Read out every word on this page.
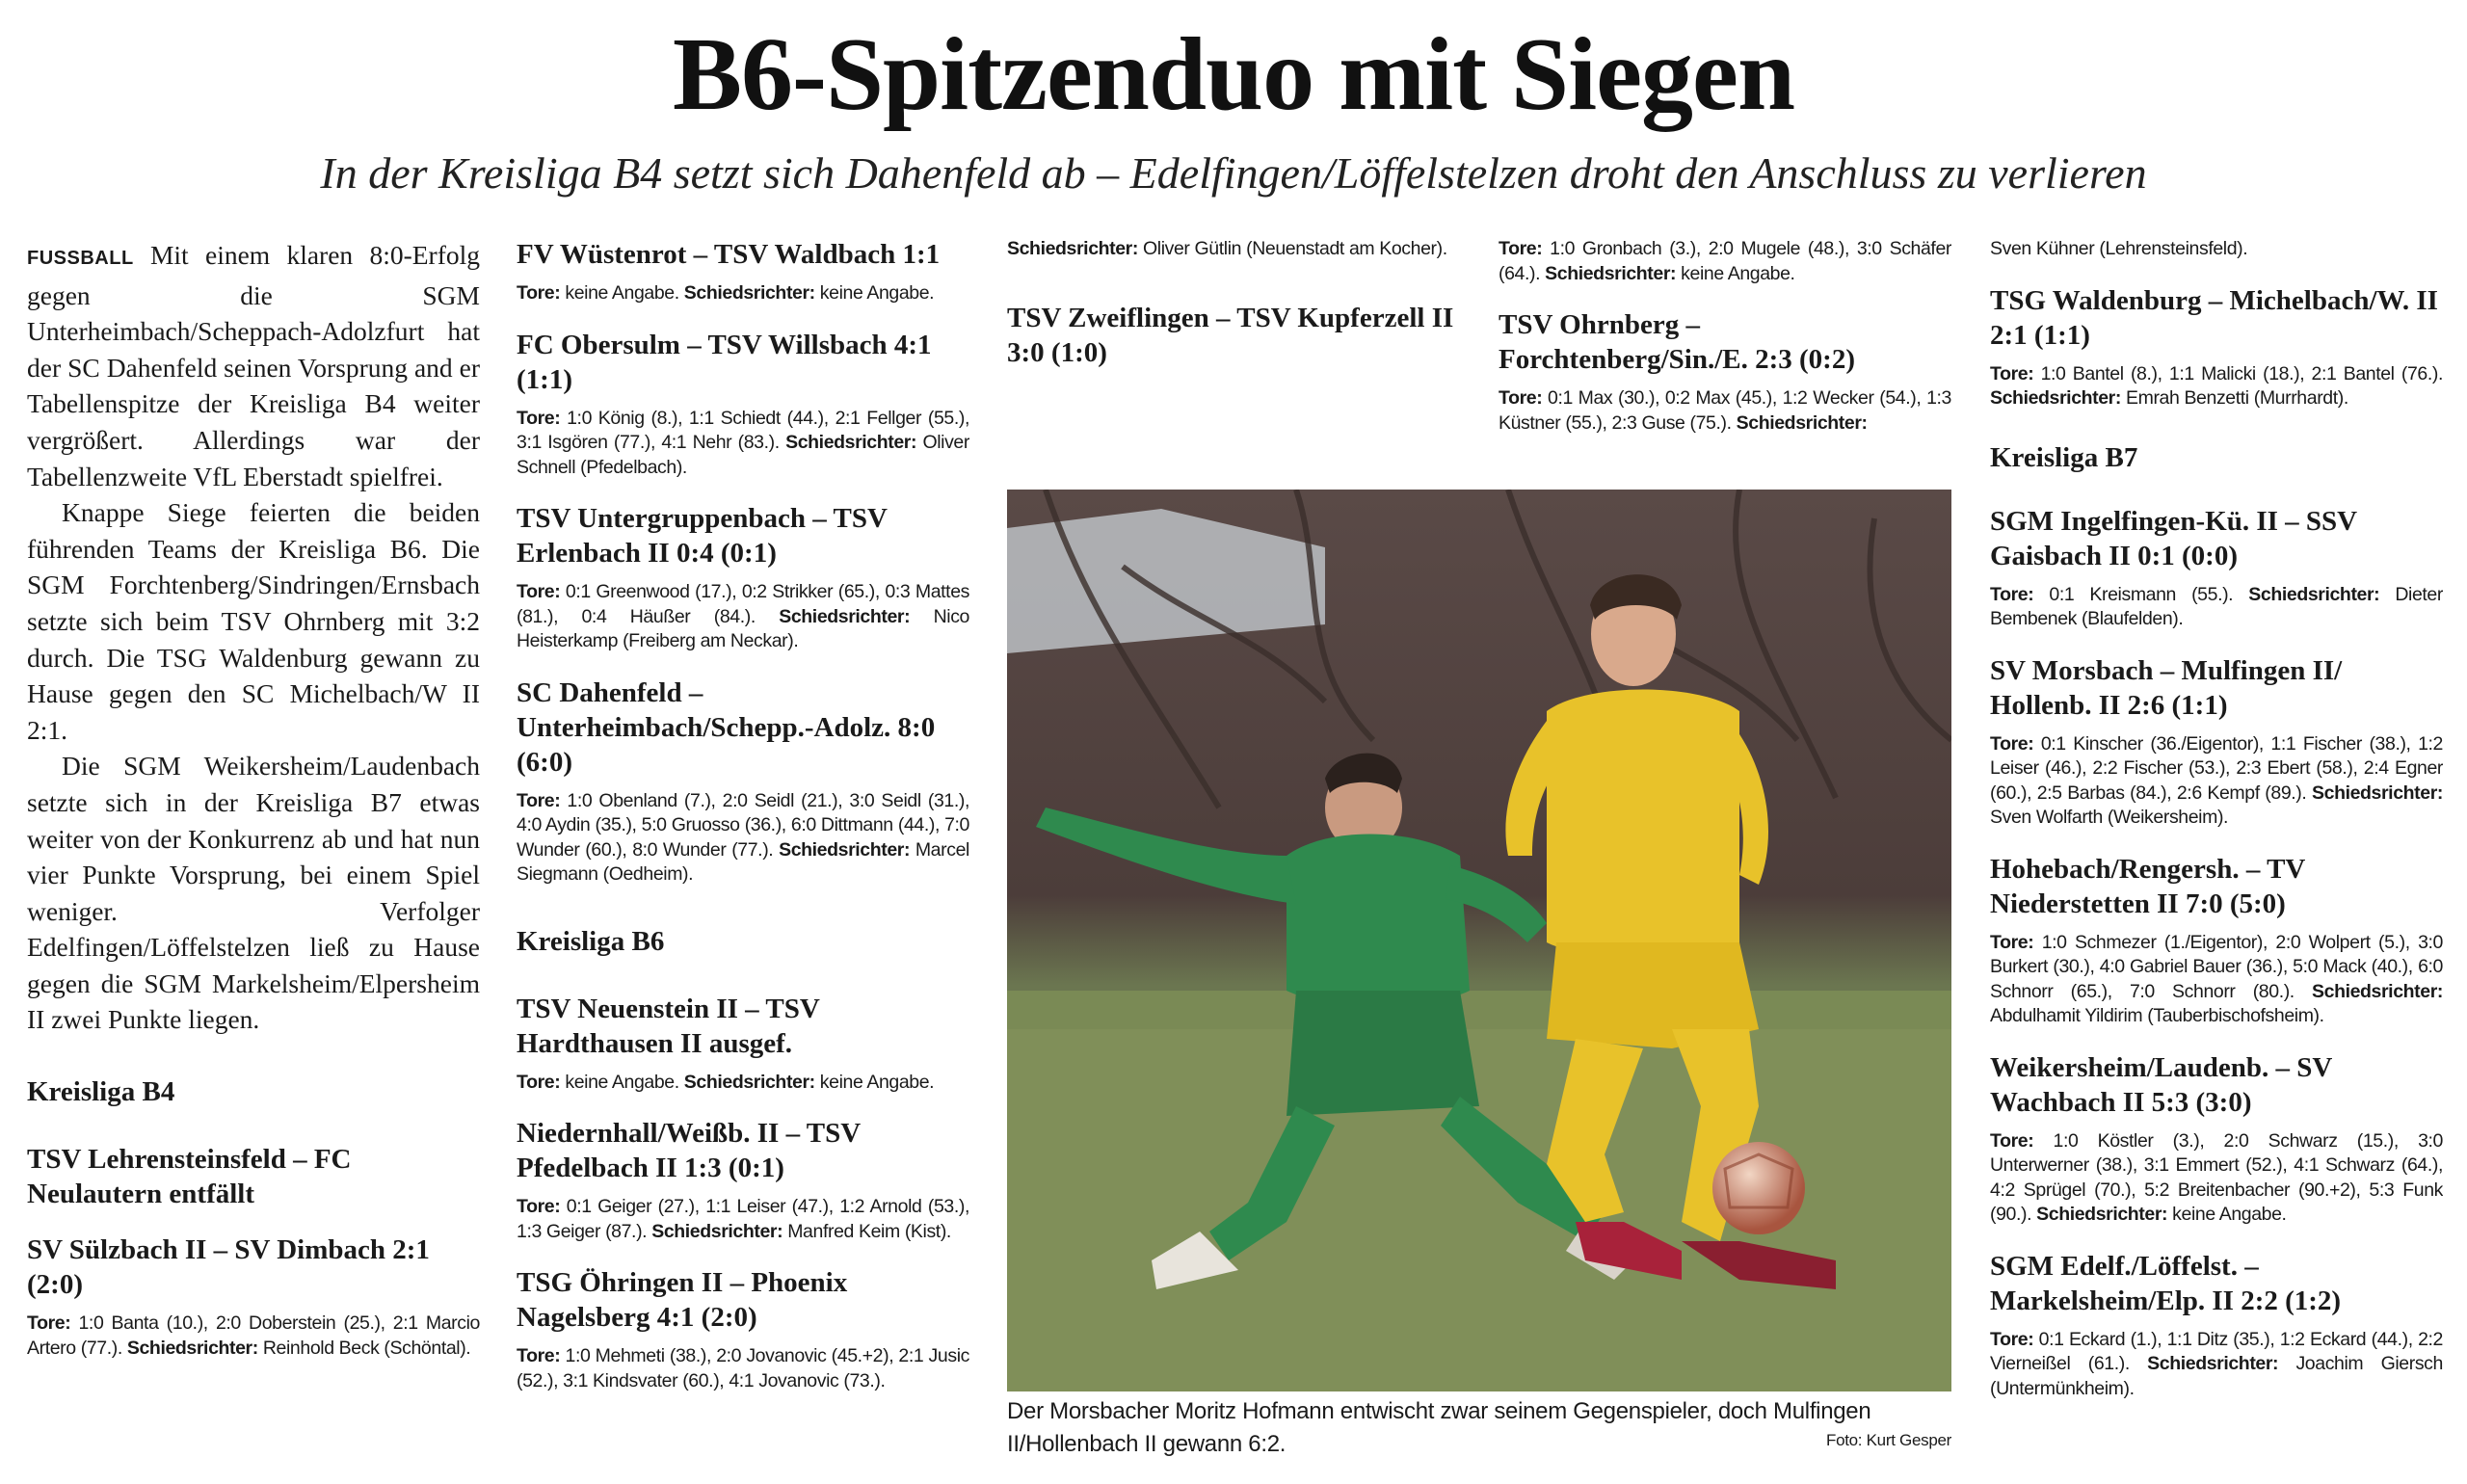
B6-Spitzenduo mit Siegen
In der Kreisliga B4 setzt sich Dahenfeld ab – Edelfingen/Löffelstelzen droht den Anschluss zu verlieren

FUSSBALL Mit einem klaren 8:0-Erfolg gegen die SGM Unterheimbach/Scheppach-Adolzfurt hat der SC Dahenfeld seinen Vorsprung and er Tabellenspitze der Kreisliga B4 weiter vergrößert. Allerdings war der Tabellenzweite VfL Eberstadt spielfrei.

Knappe Siege feierten die beiden führenden Teams der Kreisliga B6. Die SGM Forchtenberg/Sindringen/Ernsbach setzte sich beim TSV Ohrnberg mit 3:2 durch. Die TSG Waldenburg gewann zu Hause gegen den SC Michelbach/W II 2:1.

Die SGM Weikersheim/Laudenbach setzte sich in der Kreisliga B7 etwas weiter von der Konkurrenz ab und hat nun vier Punkte Vorsprung, bei einem Spiel weniger. Verfolger Edelfingen/Löffelstelzen ließ zu Hause gegen die SGM Markelsheim/Elpersheim II zwei Punkte liegen.

Kreisliga B4
TSV Lehrensteinsfeld – FC Neulautern entfällt
SV Sülzbach II – SV Dimbach 2:1 (2:0)

Tore: 1:0 Banta (10.), 2:0 Doberstein (25.), 2:1 Marcio Artero (77.). Schiedsrichter: Reinhold Beck (Schöntal).

FV Wüstenrot – TSV Waldbach 1:1

Tore: keine Angabe. Schiedsrichter: keine Angabe.

FC Obersulm – TSV Willsbach 4:1 (1:1)

Tore: 1:0 König (8.), 1:1 Schiedt (44.), 2:1 Fellger (55.), 3:1 Isgören (77.), 4:1 Nehr (83.). Schiedsrichter: Oliver Schnell (Pfedelbach).

TSV Untergruppenbach – TSV Erlenbach II 0:4 (0:1)

Tore: 0:1 Greenwood (17.), 0:2 Strikker (65.), 0:3 Mattes (81.), 0:4 Häußer (84.). Schiedsrichter: Nico Heisterkamp (Freiberg am Neckar).

SC Dahenfeld – Unterheimbach/Schepp.-Adolz. 8:0 (6:0)

Tore: 1:0 Obenland (7.), 2:0 Seidl (21.), 3:0 Seidl (31.), 4:0 Aydin (35.), 5:0 Gruosso (36.), 6:0 Dittmann (44.), 7:0 Wunder (60.), 8:0 Wunder (77.). Schiedsrichter: Marcel Siegmann (Oedheim).

Kreisliga B6
TSV Neuenstein II – TSV Hardthausen II ausgef.

Tore: keine Angabe. Schiedsrichter: keine Angabe.

Niedernhall/Weißb. II – TSV Pfedelbach II 1:3 (0:1)

Tore: 0:1 Geiger (27.), 1:1 Leiser (47.), 1:2 Arnold (53.), 1:3 Geiger (87.). Schiedsrichter: Manfred Keim (Kist).

TSG Öhringen II – Phoenix Nagelsberg 4:1 (2:0)

Tore: 1:0 Mehmeti (38.), 2:0 Jovanovic (45.+2), 2:1 Jusic (52.), 3:1 Kindsvater (60.), 4:1 Jovanovic (73.).

Schiedsrichter: Oliver Gütlin (Neuenstadt am Kocher).

TSV Zweiflingen – TSV Kupferzell II 3:0 (1:0)

Tore: 1:0 Gronbach (3.), 2:0 Mugele (48.), 3:0 Schäfer (64.). Schiedsrichter: keine Angabe.

TSV Ohrnberg – Forchtenberg/Sin./E. 2:3 (0:2)

Tore: 0:1 Max (30.), 0:2 Max (45.), 1:2 Wecker (54.), 1:3 Küstner (55.), 2:3 Guse (75.). Schiedsrichter:

Der Morsbacher Moritz Hofmann entwischt zwar seinem Gegenspieler, doch Mulfingen II/Hollenbach II gewann 6:2.	Foto: Kurt Gesper

Sven Kühner (Lehrensteinsfeld).

TSG Waldenburg – Michelbach/W. II 2:1 (1:1)

Tore: 1:0 Bantel (8.), 1:1 Malicki (18.), 2:1 Bantel (76.). Schiedsrichter: Emrah Benzetti (Murrhardt).

Kreisliga B7
SGM Ingelfingen-Kü. II – SSV Gaisbach II 0:1 (0:0)

Tore: 0:1 Kreismann (55.). Schiedsrichter: Dieter Bembenek (Blaufelden).

SV Morsbach – Mulfingen II/ Hollenb. II 2:6 (1:1)

Tore: 0:1 Kinscher (36./Eigentor), 1:1 Fischer (38.), 1:2 Leiser (46.), 2:2 Fischer (53.), 2:3 Ebert (58.), 2:4 Egner (60.), 2:5 Barbas (84.), 2:6 Kempf (89.). Schiedsrichter: Sven Wolfarth (Weikersheim).

Hohebach/Rengersh. – TV Niederstetten II 7:0 (5:0)

Tore: 1:0 Schmezer (1./Eigentor), 2:0 Wolpert (5.), 3:0 Burkert (30.), 4:0 Gabriel Bauer (36.), 5:0 Mack (40.), 6:0 Schnorr (65.), 7:0 Schnorr (80.). Schiedsrichter: Abdulhamit Yildirim (Tauberbischofsheim).

Weikersheim/Laudenb. – SV Wachbach II 5:3 (3:0)

Tore: 1:0 Köstler (3.), 2:0 Schwarz (15.), 3:0 Unterwerner (38.), 3:1 Emmert (52.), 4:1 Schwarz (64.), 4:2 Sprügel (70.), 5:2 Breitenbacher (90.+2), 5:3 Funk (90.). Schiedsrichter: keine Angabe.

SGM Edelf./Löffelst. – Markelsheim/Elp. II 2:2 (1:2)

Tore: 0:1 Eckard (1.), 1:1 Ditz (35.), 1:2 Eckard (44.), 2:2 Vierneißel (61.). Schiedsrichter: Joachim Giersch (Untermünkheim).
